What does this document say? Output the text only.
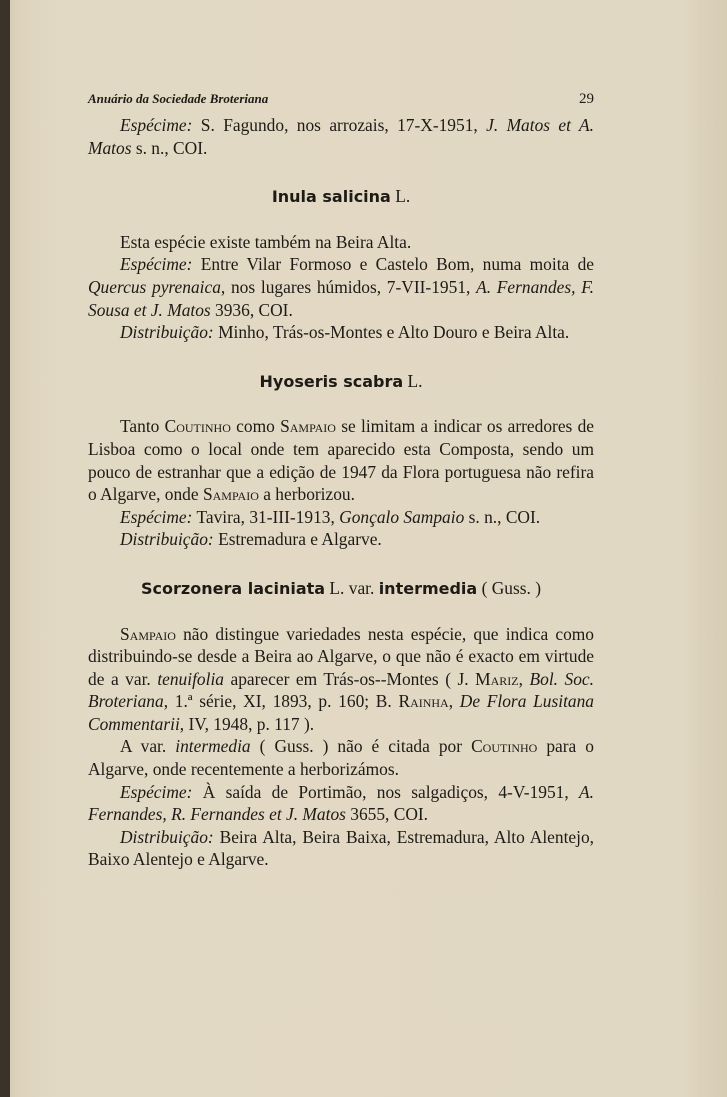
Anuário da Sociedade Broteriana	29

Espécime: S. Fagundo, nos arrozais, 17-X-1951, J. Matos et A. Matos s. n., COI.

Inula salicina L.

Esta espécie existe também na Beira Alta.

Espécime: Entre Vilar Formoso e Castelo Bom, numa moita de Quercus pyrenaica, nos lugares húmidos, 7-VII-1951, A. Fernandes, F. Sousa et J. Matos 3936, COI.

Distribuição: Minho, Trás-os-Montes e Alto Douro e Beira Alta.

Hyoseris scabra L.

Tanto Coutinho como Sampaio se limitam a indicar os arredores de Lisboa como o local onde tem aparecido esta Composta, sendo um pouco de estranhar que a edição de 1947 da Flora portuguesa não refira o Algarve, onde Sampaio a herborizou.

Espécime: Tavira, 31-III-1913, Gonçalo Sampaio s. n., COI.

Distribuição: Estremadura e Algarve.

Scorzonera laciniata L. var. intermedia ( Guss. )

Sampaio não distingue variedades nesta espécie, que indica como distribuindo-se desde a Beira ao Algarve, o que não é exacto em virtude de a var. tenuifolia aparecer em Trás-os--Montes ( J. Mariz, Bol. Soc. Broteriana, 1.ª série, XI, 1893, p. 160; B. Rainha, De Flora Lusitana Commentarii, IV, 1948, p. 117 ).

A var. intermedia ( Guss. ) não é citada por Coutinho para o Algarve, onde recentemente a herborizámos.

Espécime: À saída de Portimão, nos salgadiços, 4-V-1951, A. Fernandes, R. Fernandes et J. Matos 3655, COI.

Distribuição: Beira Alta, Beira Baixa, Estremadura, Alto Alentejo, Baixo Alentejo e Algarve.
